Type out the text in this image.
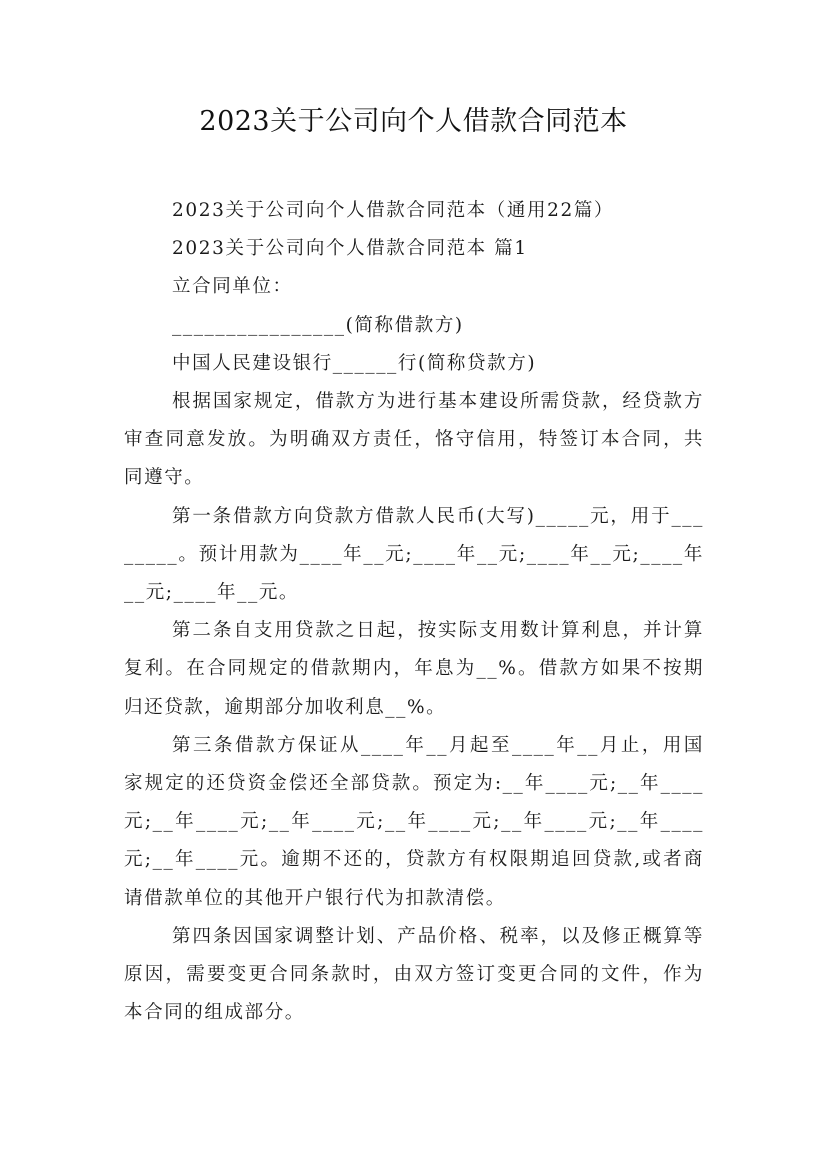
2023关于公司向个人借款合同范本

2023关于公司向个人借款合同范本（通用22篇）

2023关于公司向个人借款合同范本 篇1

立合同单位：

________________(简称借款方)

中国人民建设银行______行(简称贷款方)

根据国家规定，借款方为进行基本建设所需贷款，经贷款方审查同意发放。为明确双方责任，恪守信用，特签订本合同，共同遵守。

第一条借款方向贷款方借款人民币(大写)_____元，用于________。预计用款为____年__元;____年__元;____年__元;____年__元;____年__元。

第二条自支用贷款之日起，按实际支用数计算利息，并计算复利。在合同规定的借款期内，年息为__%。借款方如果不按期归还贷款，逾期部分加收利息__%。

第三条借款方保证从____年__月起至____年__月止，用国家规定的还贷资金偿还全部贷款。预定为:__年____元;__年____元;__年____元;__年____元;__年____元;__年____元;__年____元;__年____元。逾期不还的，贷款方有权限期追回贷款,或者商请借款单位的其他开户银行代为扣款清偿。

第四条因国家调整计划、产品价格、税率，以及修正概算等原因，需要变更合同条款时，由双方签订变更合同的文件，作为本合同的组成部分。
